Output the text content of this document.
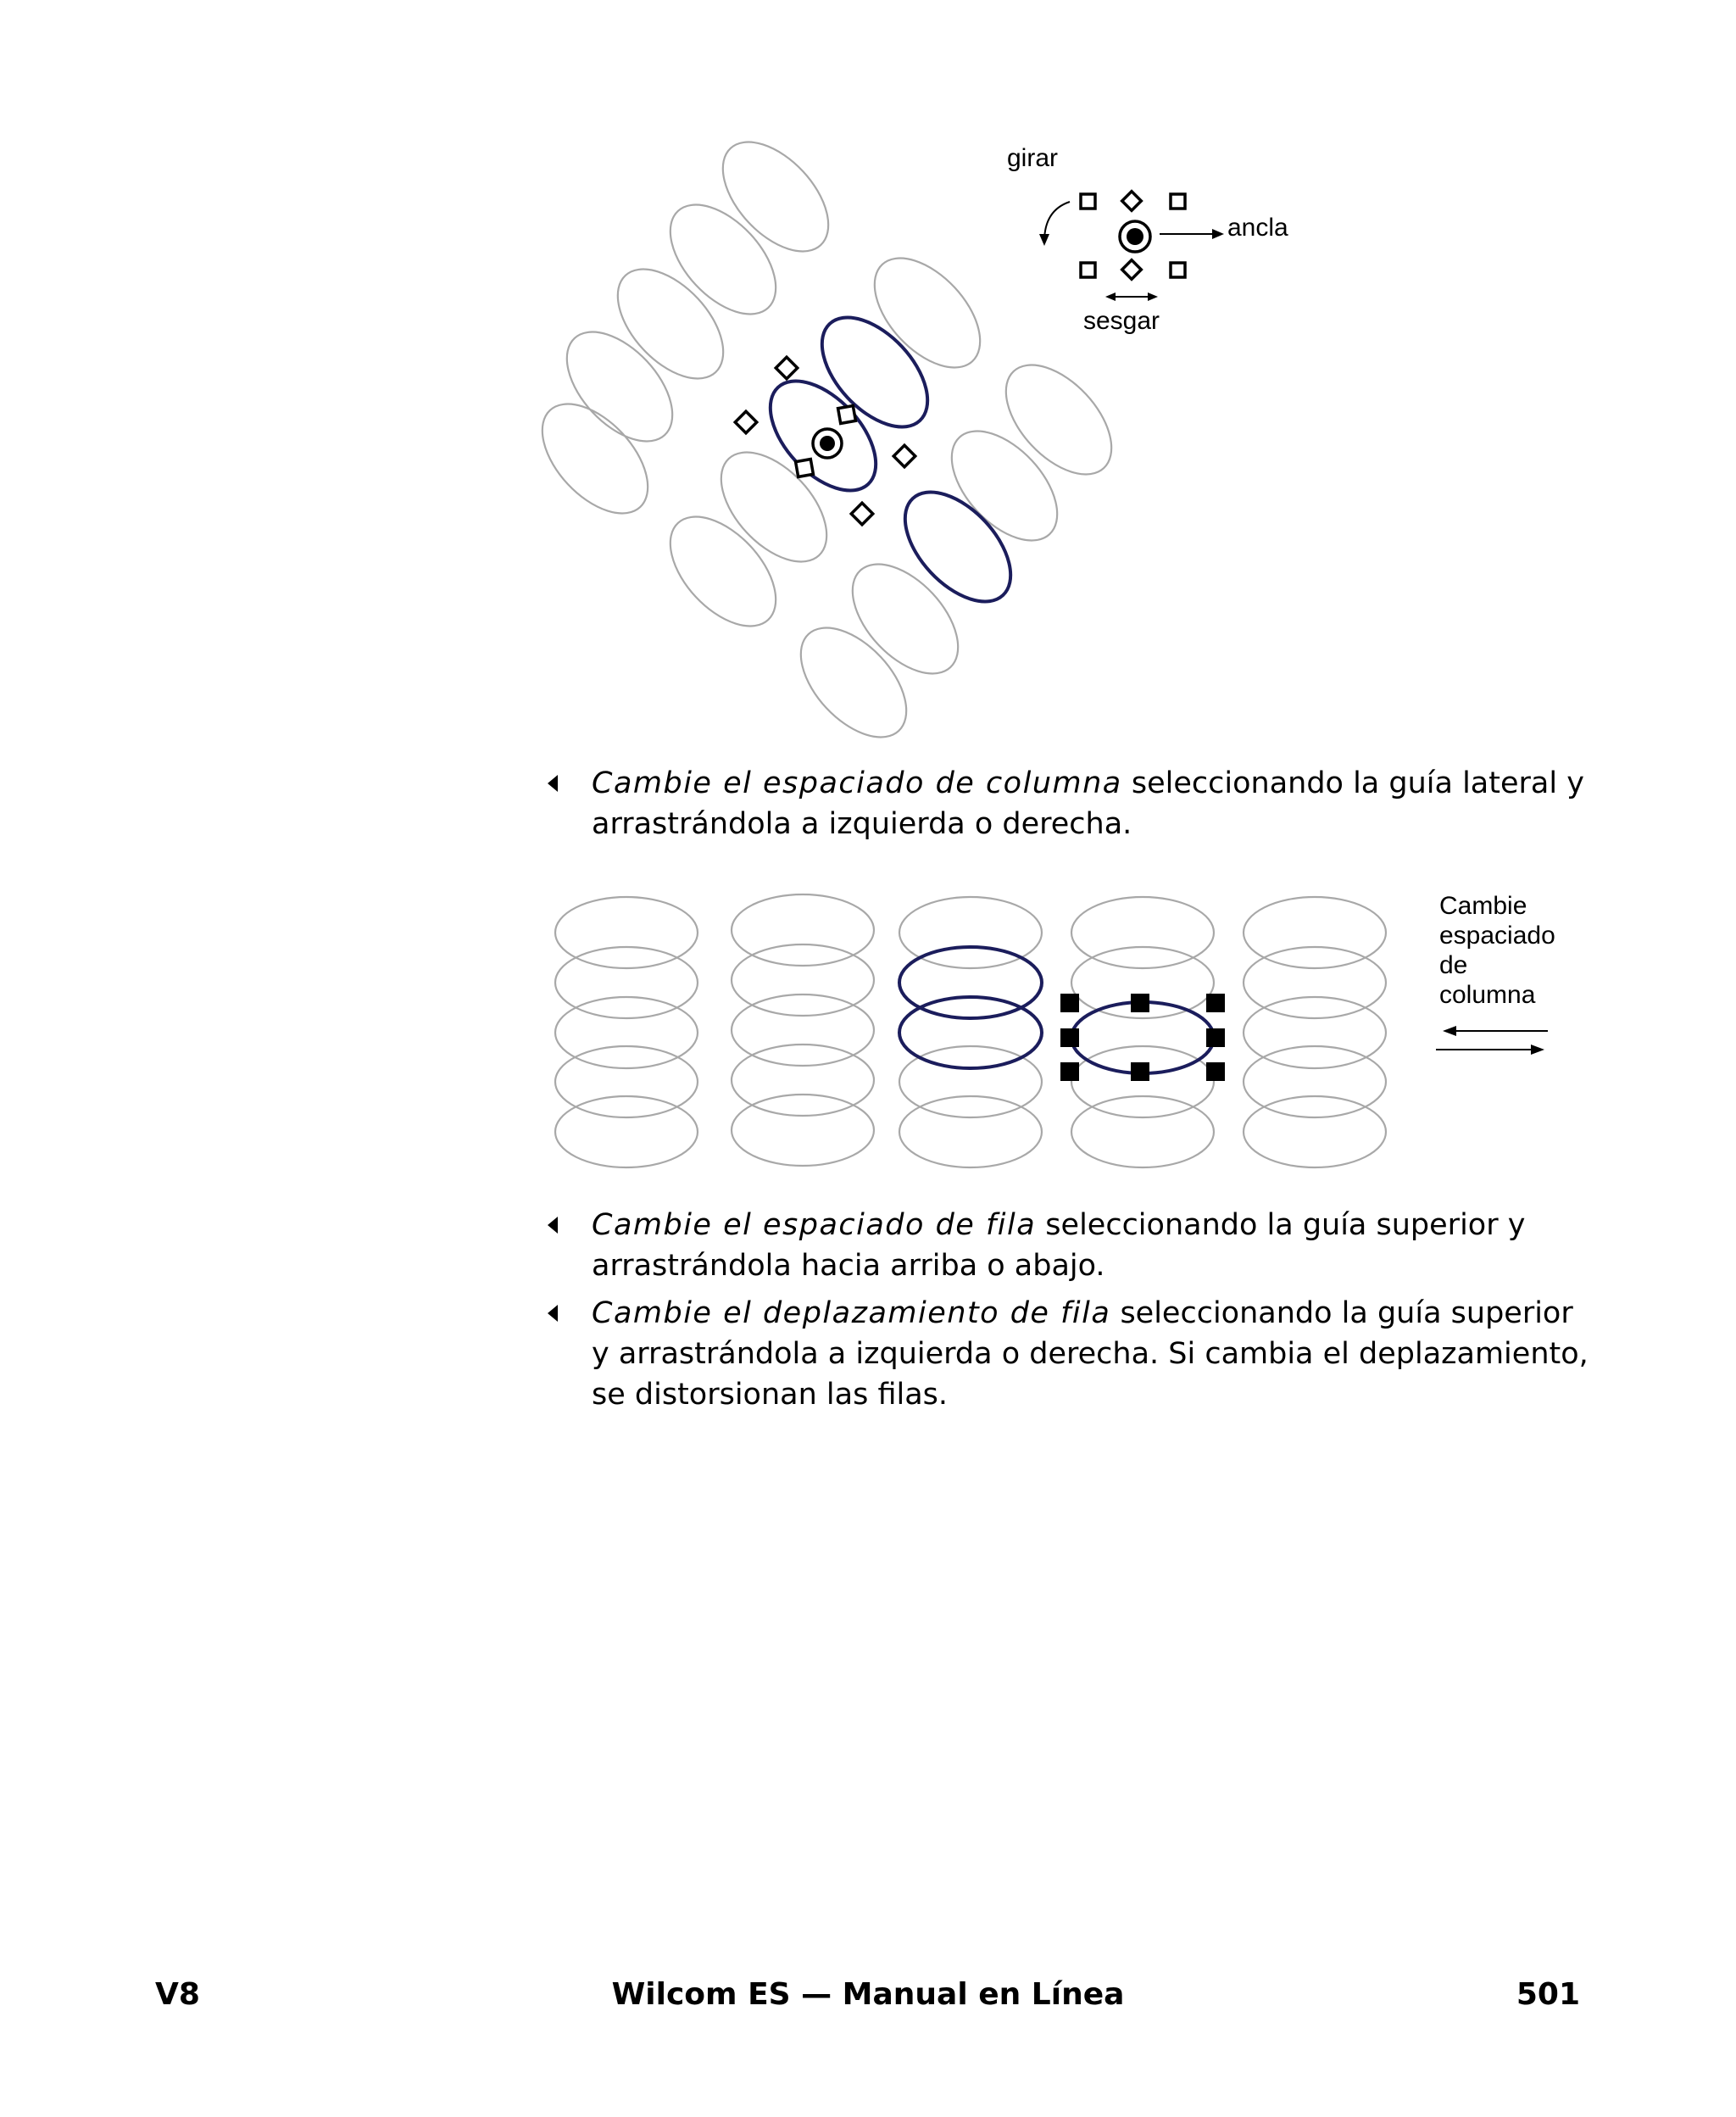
girar
ancla
sesgar

Cambie el espaciado de columna seleccionando la guía lateral y arrastrándola a izquierda o derecha.

Cambie
espaciado
de
columna

Cambie el espaciado de fila seleccionando la guía superior y arrastrándola hacia arriba o abajo.

Cambie el deplazamiento de fila seleccionando la guía superior y arrastrándola a izquierda o derecha. Si cambia el deplazamiento, se distorsionan las filas.

V8	Wilcom ES — Manual en Línea	501
